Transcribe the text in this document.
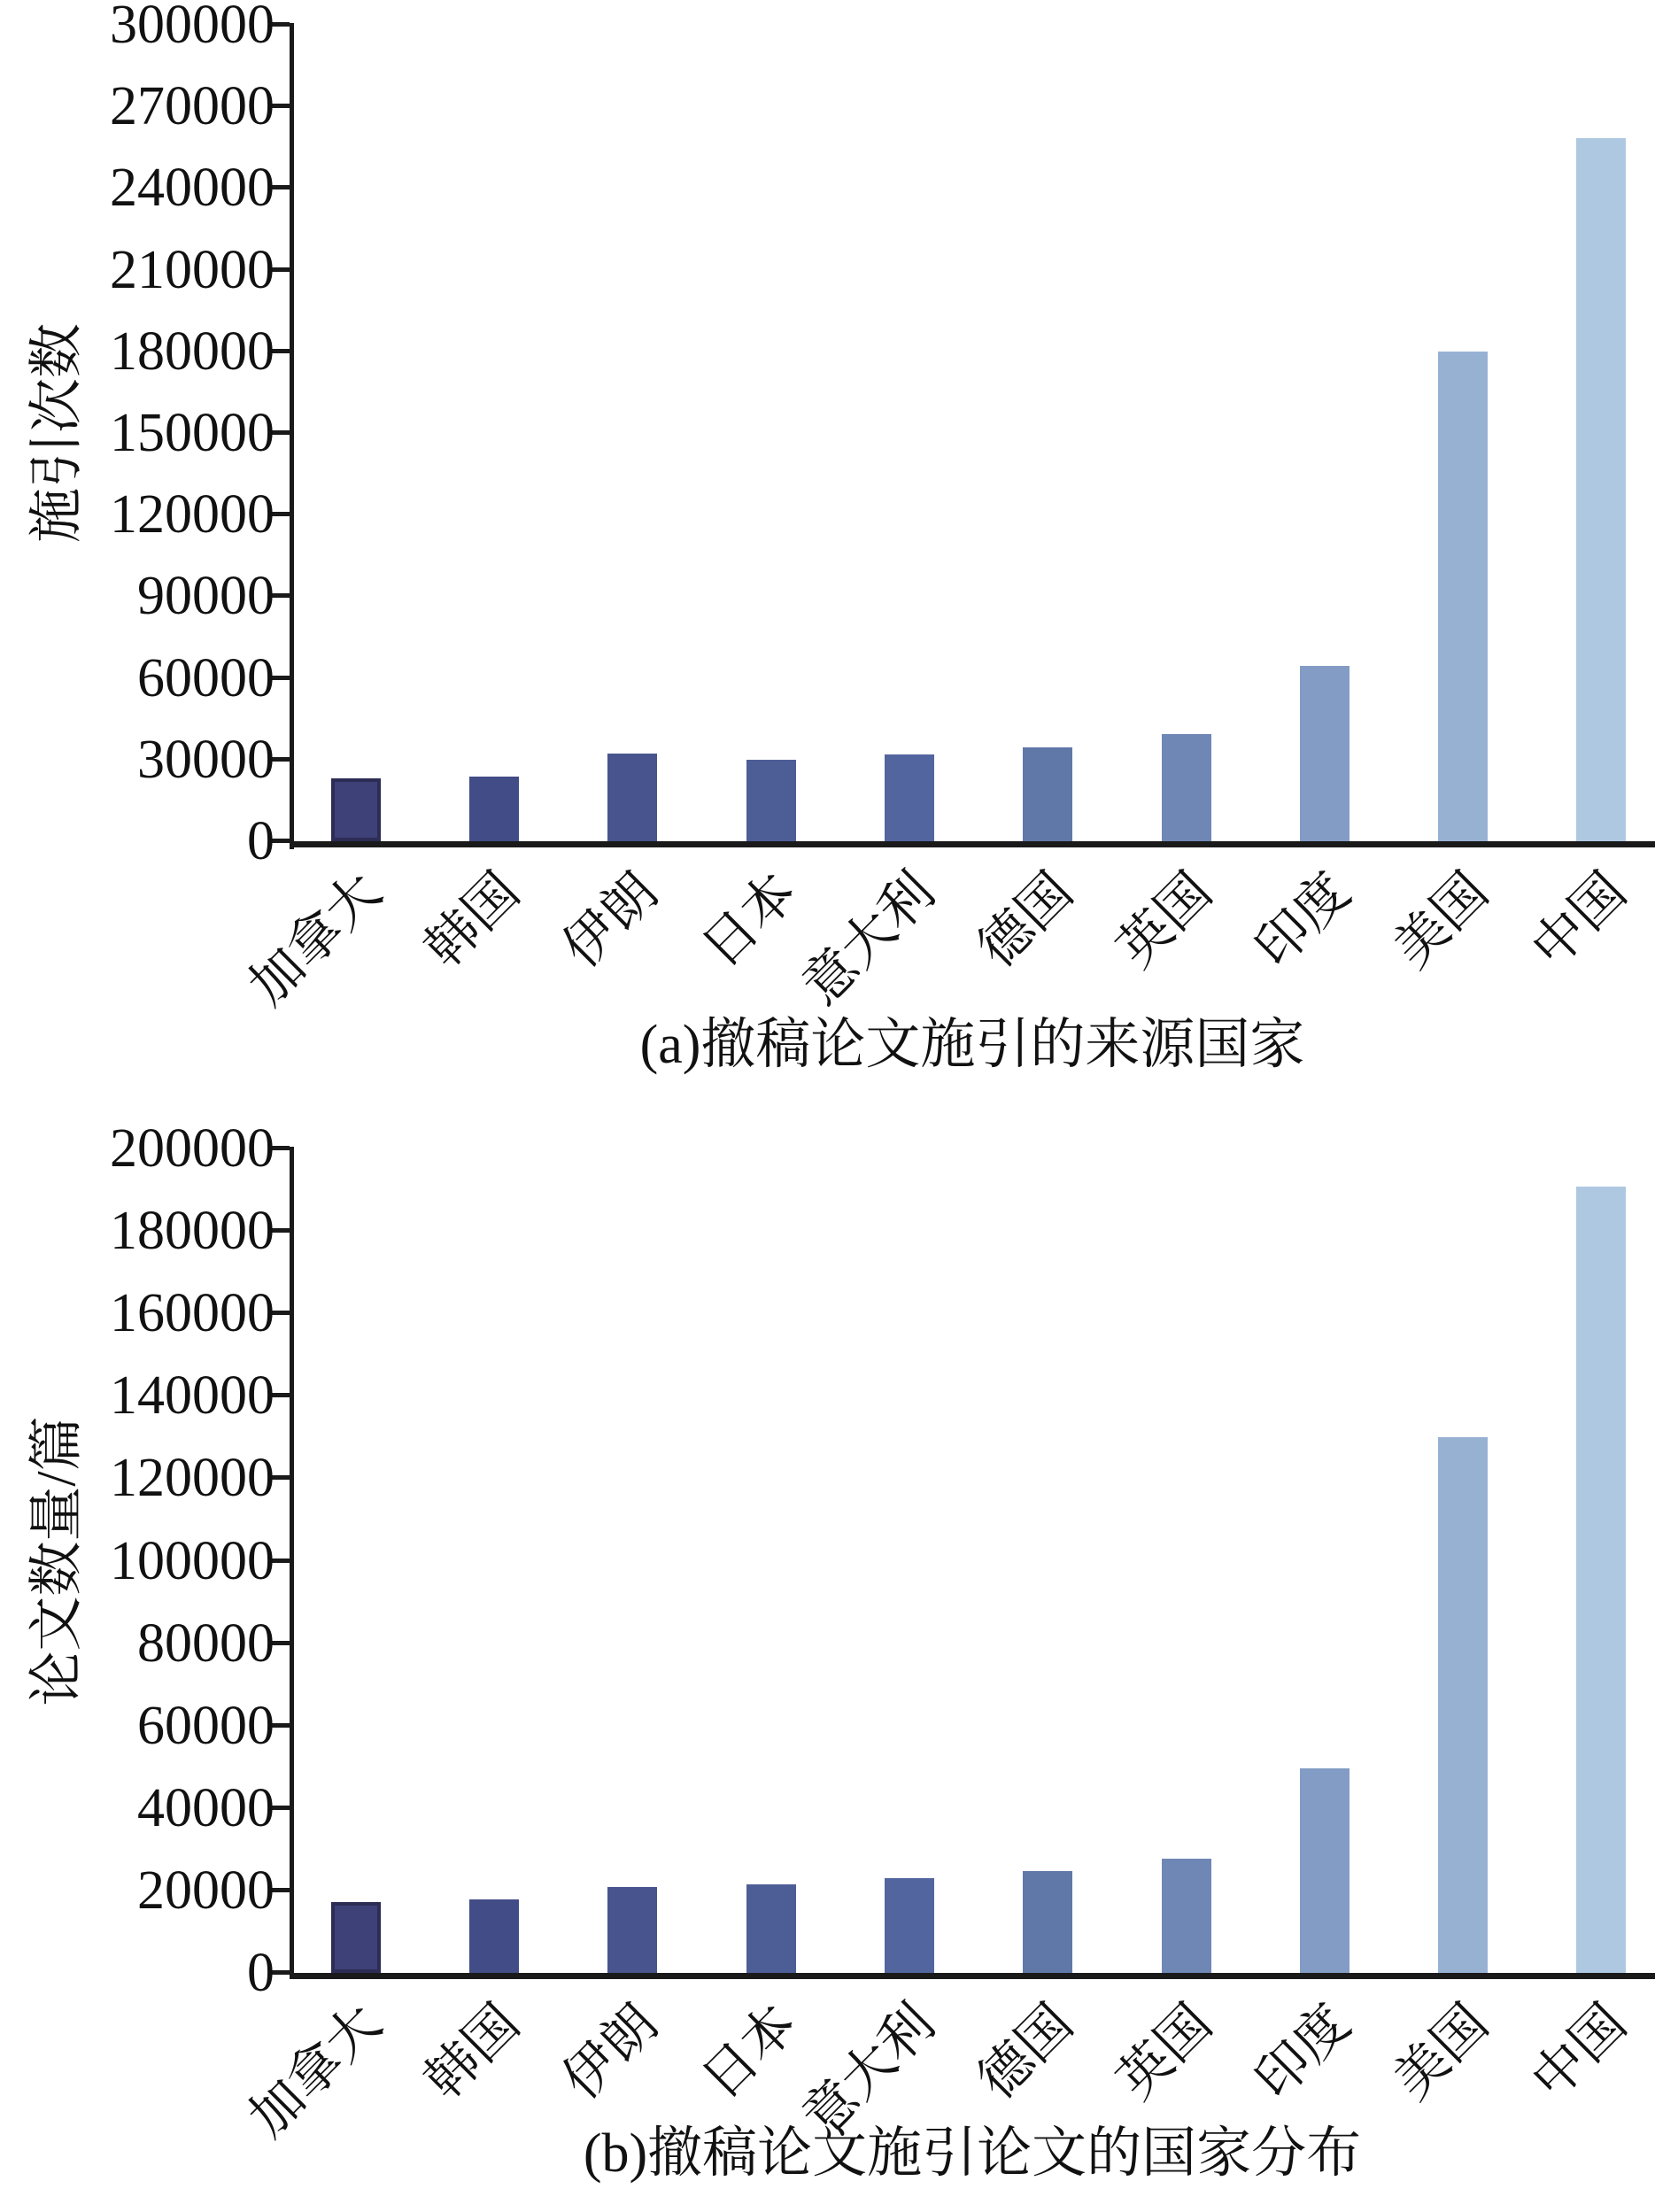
施引次数
0
30000
60000
90000
120000
150000
180000
210000
240000
270000
300000
加拿大 韩国 伊朗 日本
意大利 德国 英国 印度 美国 中国
(a)撤稿论文施引的来源国家
论文数量/篇
0
20000
40000
60000
80000
100000
120000
140000
160000
180000
200000
加拿大 韩国 伊朗 日本
意大利 德国 英国 印度 美国 中国
(b)撤稿论文施引论文的国家分布
